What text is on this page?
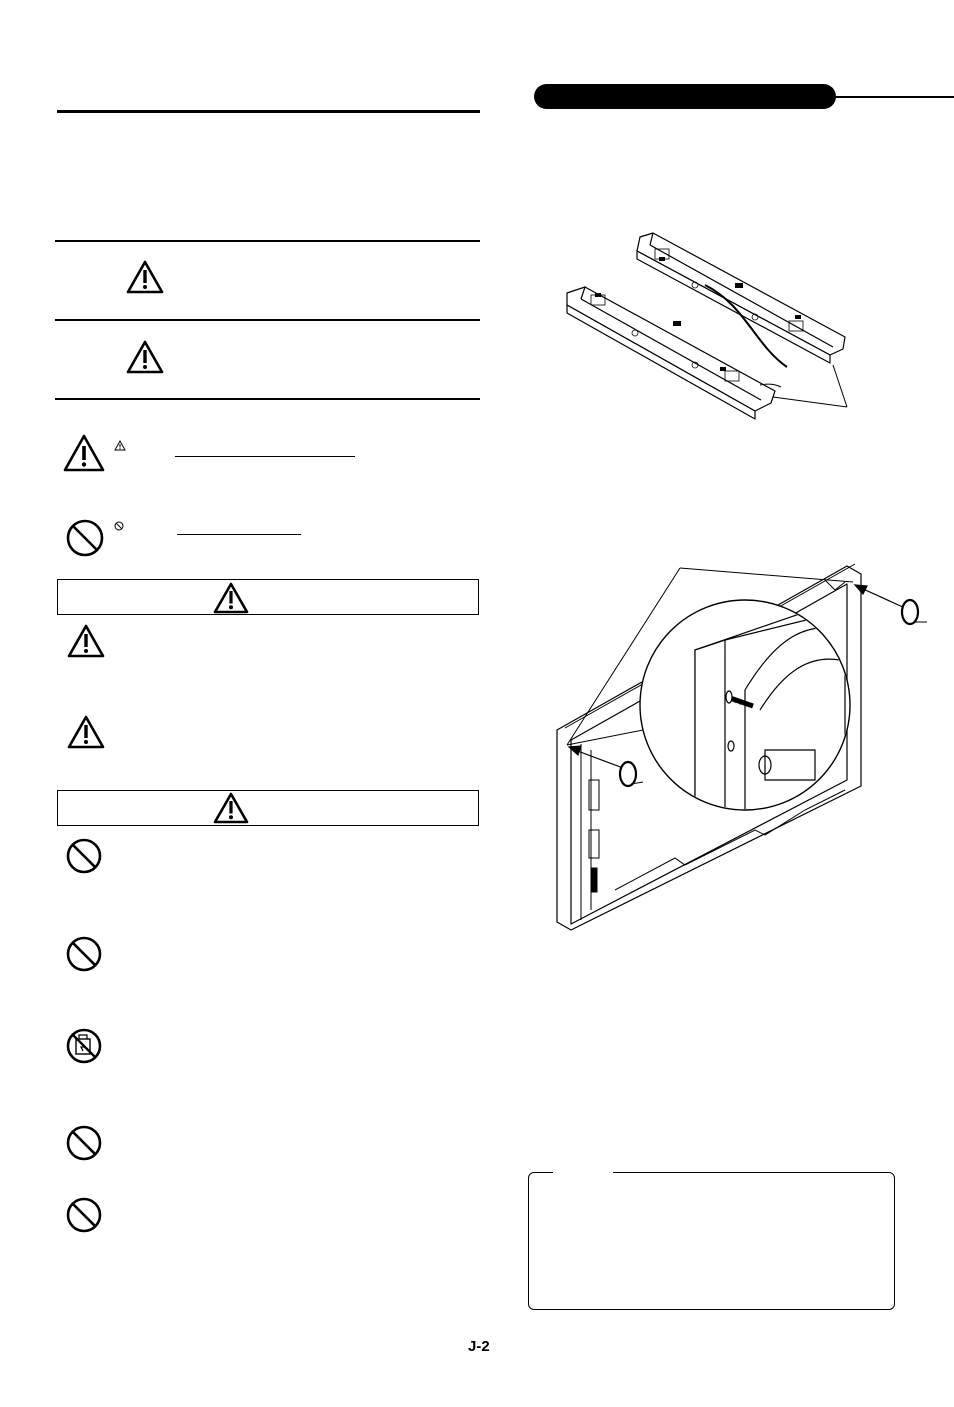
J-2
